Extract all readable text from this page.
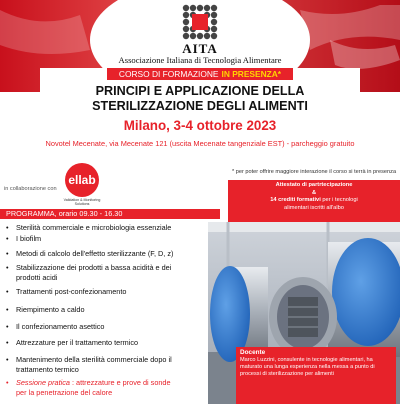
AITA
Associazione Italiana di Tecnologia Alimentare
CORSO DI FORMAZIONE IN PRESENZA*
PRINCIPI E APPLICAZIONE DELLA
STERILIZZAZIONE DEGLI ALIMENTI
Milano, 3-4 ottobre 2023
Novotel Mecenate, via Mecenate 121 (uscita Mecenate tangenziale EST) - parcheggio gratuito
in collaborazione con
ellab
Validation & Monitoring Solutions
* per poter offrire maggiore interazione il corso si terrà in presenza
Attestato di partrtecipazione
&
14 crediti formativi per i tecnologi
alimentari iscritti all'albo
PROGRAMMA, orario 09.30 - 16.30
• Sterilità commerciale e microbiologia essenziale
• I biofilm
• Metodi di calcolo dell'effetto sterilizzante (F, D, z)
• Stabilizzazione dei prodotti a bassa acidità e dei
prodotti acidi
• Trattamenti post-confezionamento
• Riempimento a caldo
• Il confezionamento asettico
• Attrezzature per il trattamento termico
• Mantenimento della sterilità commerciale dopo il
trattamento termico
• Sessione pratica : attrezzature e prove di sonde
per la penetrazione del calore
Docente
Marco Luzzini, consulente in tecnologie alimentari, ha maturato una lunga esperienza nella messa a punto di processi di sterilizzazione per alimenti
